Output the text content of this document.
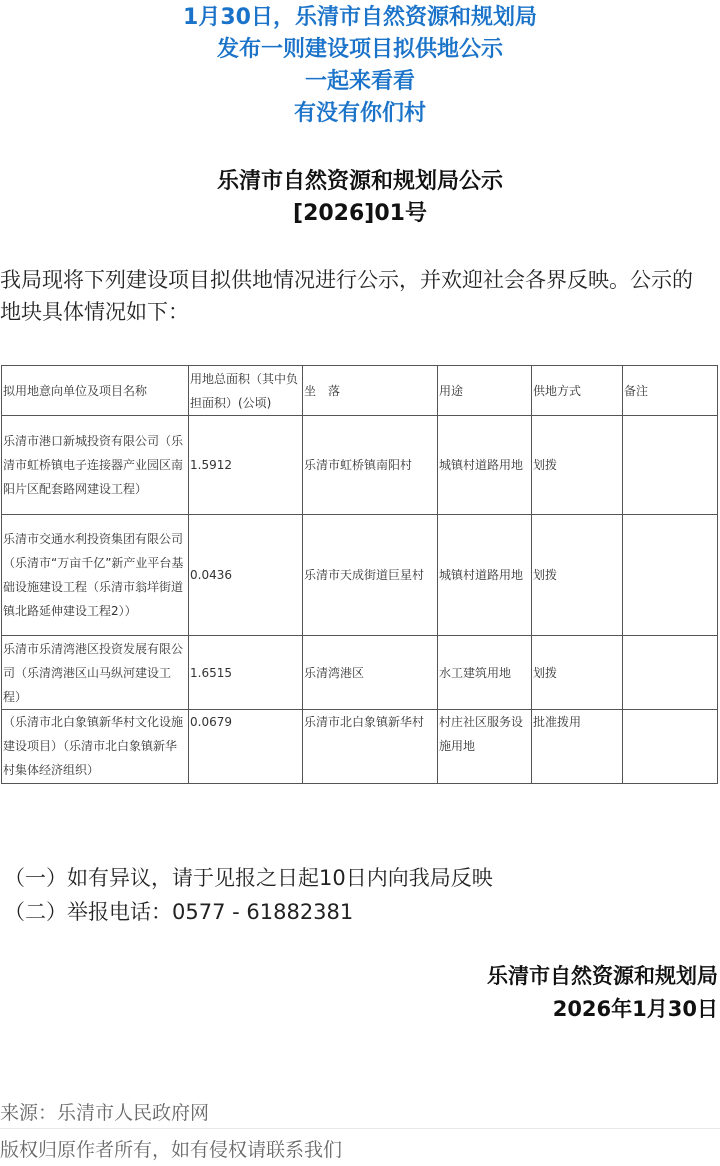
1月30日，乐清市自然资源和规划局
发布一则建设项目拟供地公示
一起来看看
有没有你们村
乐清市自然资源和规划局公示
[2026]01号
我局现将下列建设项目拟供地情况进行公示，并欢迎社会各界反映。公示的地块具体情况如下：
拟用地意向单位及项目名称	用地总面积（其中负担面积）(公顷)	坐　落	用途	供地方式	备注
乐清市港口新城投资有限公司（乐清市虹桥镇电子连接器产业园区南阳片区配套路网建设工程）	1.5912	乐清市虹桥镇南阳村	城镇村道路用地	划拨	
乐清市交通水利投资集团有限公司（乐清市“万亩千亿”新产业平台基础设施建设工程（乐清市翁垟街道镇北路延伸建设工程2））	0.0436	乐清市天成街道巨星村	城镇村道路用地	划拨	
乐清市乐清湾港区投资发展有限公司（乐清湾港区山马纵河建设工程）	1.6515	乐清湾港区	水工建筑用地	划拨	
（乐清市北白象镇新华村文化设施建设项目）（乐清市北白象镇新华村集体经济组织）	0.0679	乐清市北白象镇新华村	村庄社区服务设施用地	批准拨用	
（一）如有异议，请于见报之日起10日内向我局反映
（二）举报电话：0577 - 61882381
乐清市自然资源和规划局
2026年1月30日
来源：乐清市人民政府网
版权归原作者所有，如有侵权请联系我们
